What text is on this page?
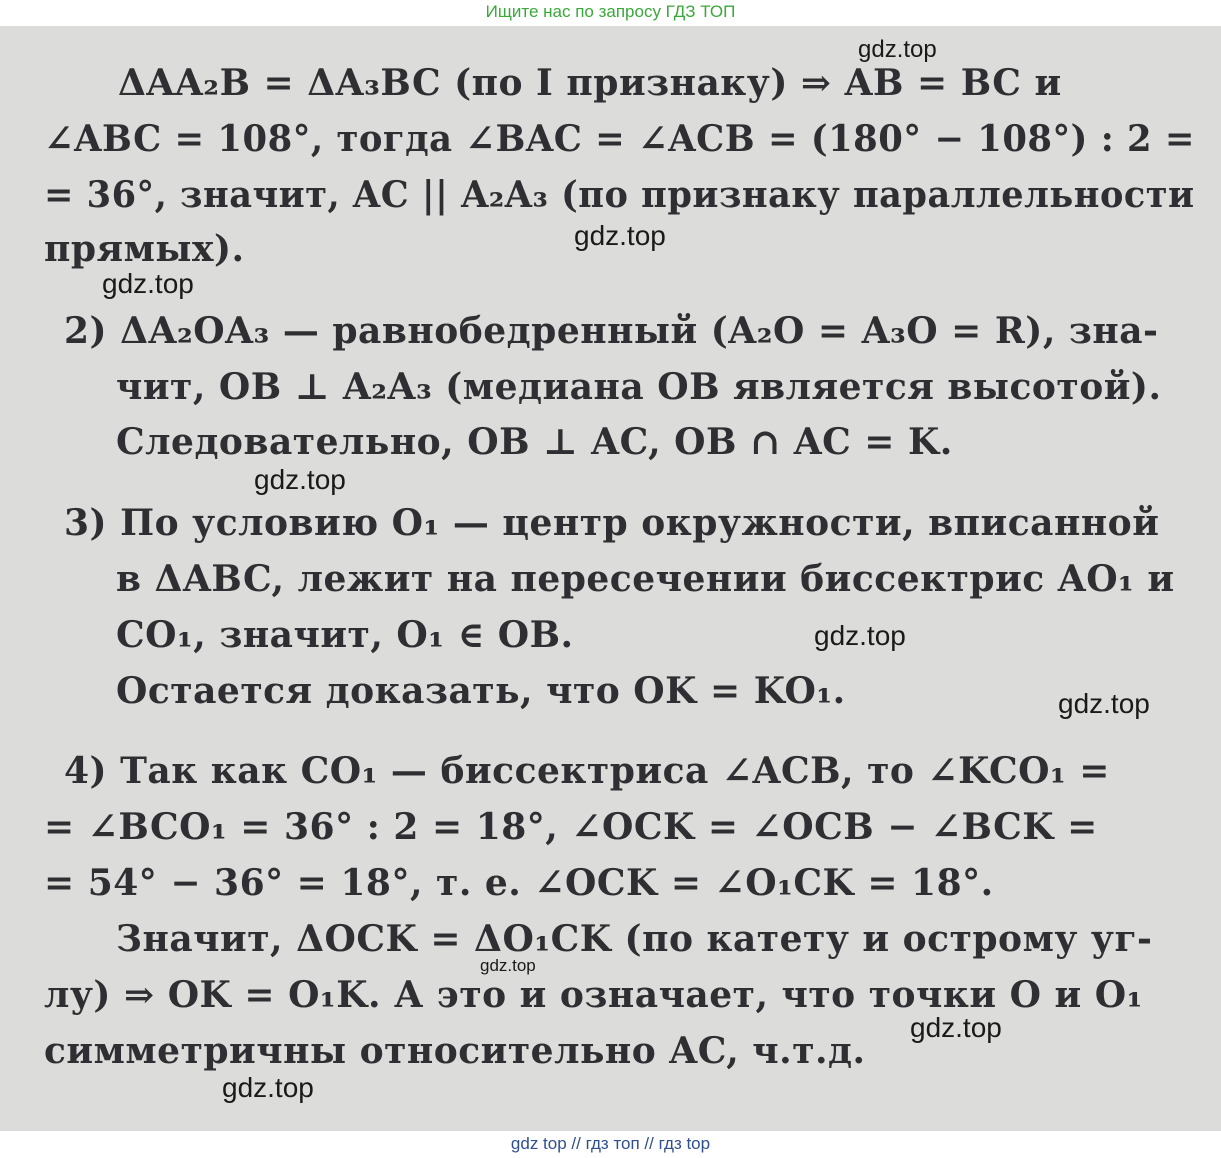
Ищите нас по запросу ГДЗ ТОП
ΔAA₂B = ΔA₃BC (по I признаку) ⇒ AB = BC и
∠ABC = 108°, тогда ∠BAC = ∠ACB = (180° − 108°) : 2 =
= 36°, значит, AC || A₂A₃ (по признаку параллельности
прямых).
2) ΔA₂OA₃ — равнобедренный (A₂O = A₃O = R), зна-
чит, OB ⊥ A₂A₃ (медиана OB является высотой).
Следовательно, OB ⊥ AC, OB ∩ AC = K.
3) По условию O₁ — центр окружности, вписанной
в ΔABC, лежит на пересечении биссектрис AO₁ и
CO₁, значит, O₁ ∈ OB.
Остается доказать, что OK = KO₁.
4) Так как CO₁ — биссектриса ∠ACB, то ∠KCO₁ =
= ∠BCO₁ = 36° : 2 = 18°, ∠OCK = ∠OCB − ∠BCK =
= 54° − 36° = 18°, т. е. ∠OCK = ∠O₁CK = 18°.
Значит, ΔOCK = ΔO₁CK (по катету и острому уг-
лу) ⇒ OK = O₁K. А это и означает, что точки O и O₁
симметричны относительно AC, ч.т.д.
gdz.top
gdz.top
gdz.top
gdz.top
gdz.top
gdz.top
gdz.top
gdz.top
gdz.top
gdz top // гдз топ // гдз top
